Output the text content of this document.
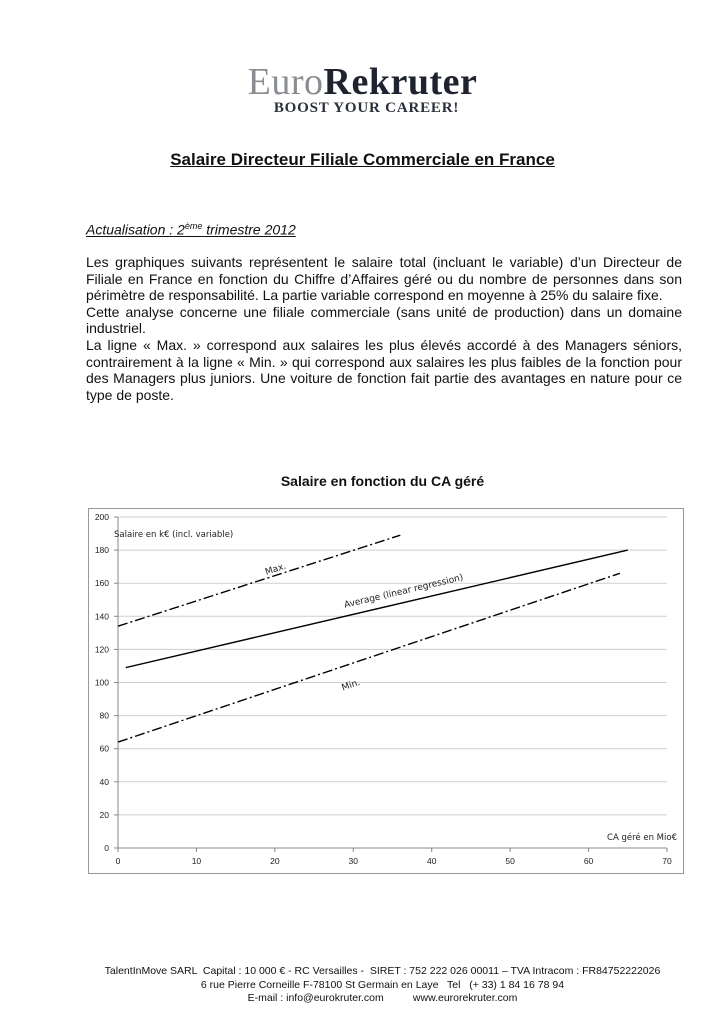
EuroRekruter
BOOST YOUR CAREER!
Salaire Directeur Filiale Commerciale en France
Actualisation : 2ème trimestre 2012

Les graphiques suivants représentent le salaire total (incluant le variable) d’un Directeur de Filiale en France en fonction du Chiffre d’Affaires géré ou du nombre de personnes dans son périmètre de responsabilité. La partie variable correspond en moyenne à 25% du salaire fixe.

Cette analyse concerne une filiale commerciale (sans unité de production) dans un domaine industriel.

La ligne « Max. » correspond aux salaires les plus élevés accordé à des Managers séniors, contrairement à la ligne « Min. » qui correspond aux salaires les plus faibles de la fonction pour des Managers plus juniors. Une voiture de fonction fait partie des avantages en nature pour ce type de poste.

Salaire en fonction du CA géré
0
20
40
60
80
100
120
140
160
180
200
0	10	20	30	40	50	60	70
Salaire en k€ (incl. variable)
CA géré en Mio€
Max.
Average (linear regression)
Min.
TalentInMove SARL  Capital : 10 000 € - RC Versailles -  SIRET : 752 222 026 00011 – TVA Intracom : FR84752222026
6 rue Pierre Corneille F-78100 St Germain en Laye   Tel   (+ 33) 1 84 16 78 94
E-mail : info@eurokruter.com          www.eurorekruter.com
